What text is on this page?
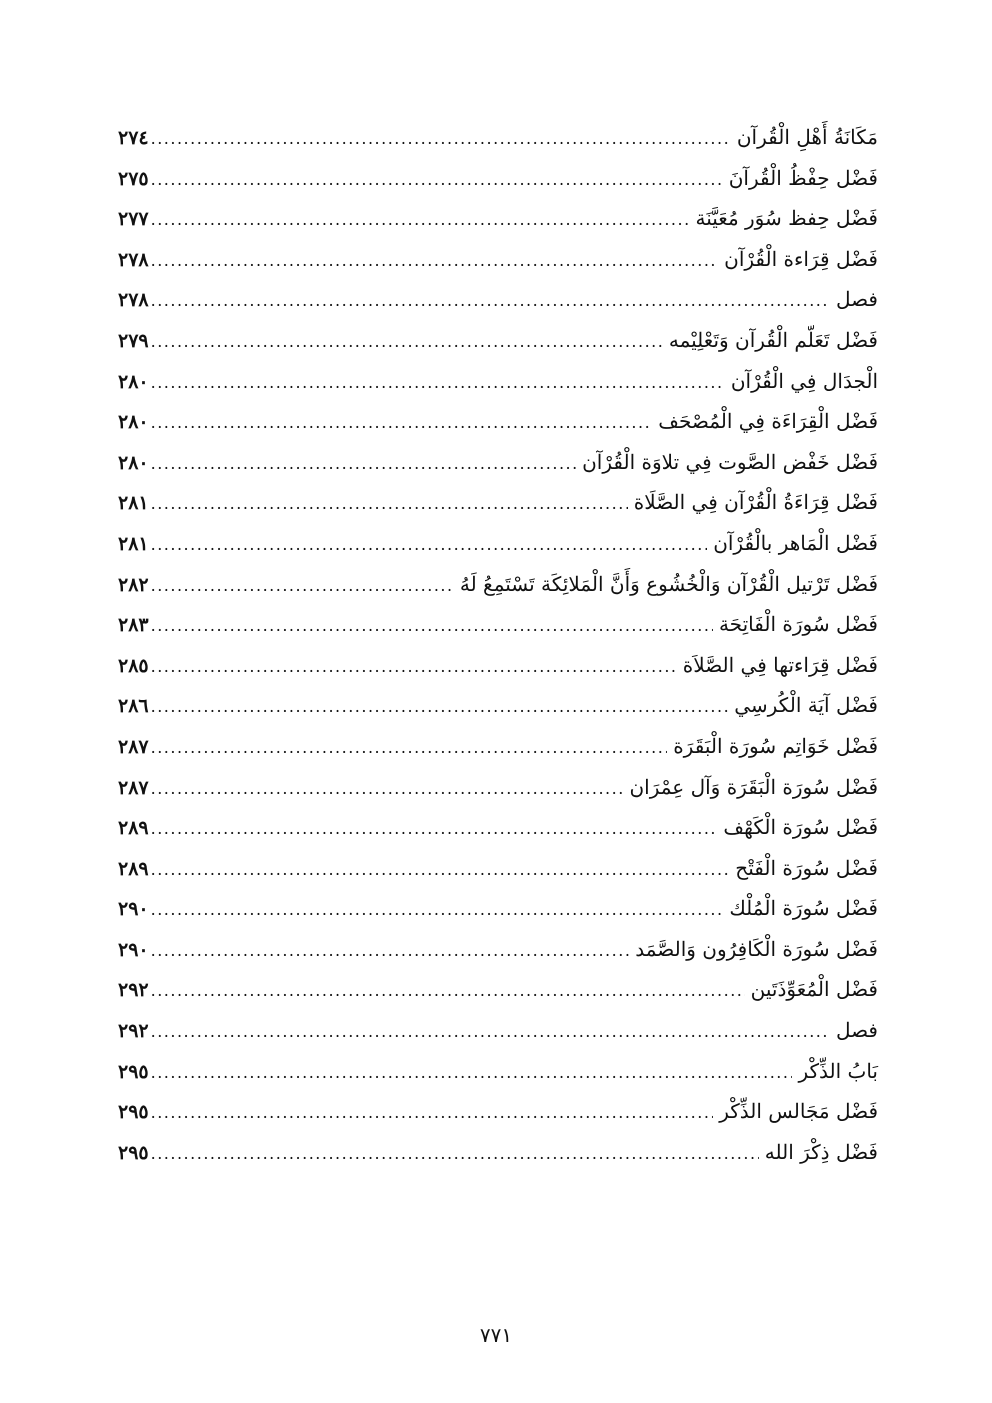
مَكَانَةُ أَهْلِ الْقُرآن
.....
٢٧٤
فَضْل حِفْظُ الْقُرآنَ
.....
٢٧٥
فَضْل حِفظ سُوَر مُعَيَّنَة
.....
٢٧٧
فَضْل قِرَاءة الْقُرْآن
.....
٢٧٨
فصل
.....
٢٧٨
فَضْل تَعَلّم الْقُرآن وَتَعْلِيْمه
.....
٢٧٩
الْجدَال فِي الْقُرْآن
.....
٢٨٠
فَضْل الْقِرَاءَة فِي الْمُصْحَف
.....
٢٨٠
فَضْل خَفْض الصَّوت فِي تلاوَة الْقُرْآن
.....
٢٨٠
فَضْل قِرَاءَةُ الْقُرْآن فِي الصَّلَاة
.....
٢٨١
فَضْل الْمَاهر بالْقُرْآن
.....
٢٨١
فَضْل تَرْتيل الْقُرْآن وَالْخُشُوع وَأَنَّ الْمَلائِكَة تَسْتَمِعُ لَهُ
.....
٢٨٢
فَضْل سُورَة الْفَاتِحَة
.....
٢٨٣
فَضْل قِرَاءتها فِي الصَّلاَة
.....
٢٨٥
فَضْل آيَة الْكُرسِي
.....
٢٨٦
فَضْل خَوَاتِم سُورَة الْبَقَرَة
.....
٢٨٧
فَضْل سُورَة الْبَقَرَة وَآل عِمْرَان
.....
٢٨٧
فَضْل سُورَة الْكَهْف
.....
٢٨٩
فَضْل سُورَة الْفَتْح
.....
٢٨٩
فَضْل سُورَة الْمُلْك
.....
٢٩٠
فَضْل سُورَة الْكَافِرُون وَالصَّمَد
.....
٢٩٠
فَضْل الْمُعَوِّذَتَين
.....
٢٩٢
فصل
.....
٢٩٢
بَابُ الذِّكْر
.....
٢٩٥
فَضْل مَجَالس الذِّكْر
.....
٢٩٥
فَضْل ذِكْرَ الله
.....
٢٩٥
٧٧١
